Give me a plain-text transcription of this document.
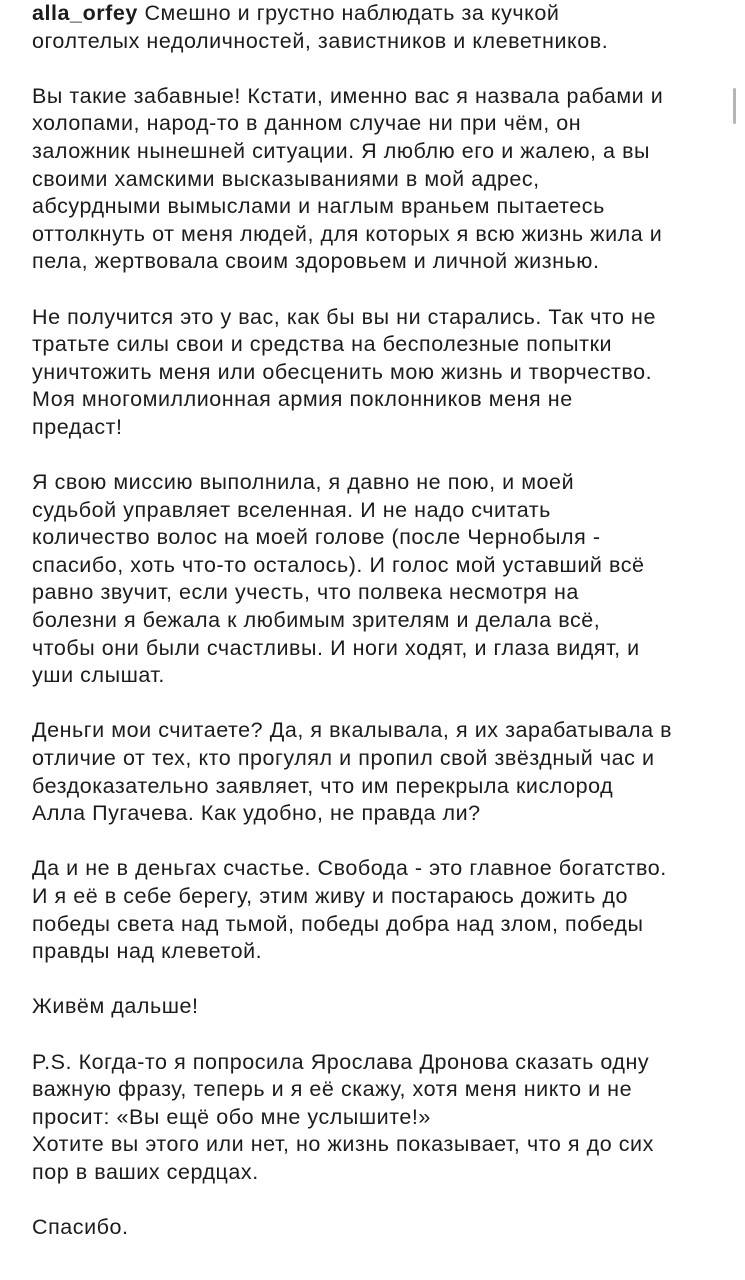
alla_orfey Смешно и грустно наблюдать за кучкой
оголтелых недоличностей, завистников и клеветников.

Вы такие забавные! Кстати, именно вас я назвала рабами и
холопами, народ-то в данном случае ни при чём, он
заложник нынешней ситуации. Я люблю его и жалею, а вы
своими хамскими высказываниями в мой адрес,
абсурдными вымыслами и наглым враньем пытаетесь
оттолкнуть от меня людей, для которых я всю жизнь жила и
пела, жертвовала своим здоровьем и личной жизнью.

Не получится это у вас, как бы вы ни старались. Так что не
тратьте силы свои и средства на бесполезные попытки
уничтожить меня или обесценить мою жизнь и творчество.
Моя многомиллионная армия поклонников меня не
предаст!

Я свою миссию выполнила, я давно не пою, и моей
судьбой управляет вселенная. И не надо считать
количество волос на моей голове (после Чернобыля -
спасибо, хоть что-то осталось). И голос мой уставший всё
равно звучит, если учесть, что полвека несмотря на
болезни я бежала к любимым зрителям и делала всё,
чтобы они были счастливы. И ноги ходят, и глаза видят, и
уши слышат.

Деньги мои считаете? Да, я вкалывала, я их зарабатывала в
отличие от тех, кто прогулял и пропил свой звёздный час и
бездоказательно заявляет, что им перекрыла кислород
Алла Пугачева. Как удобно, не правда ли?

Да и не в деньгах счастье. Свобода - это главное богатство.
И я её в себе берегу, этим живу и постараюсь дожить до
победы света над тьмой, победы добра над злом, победы
правды над клеветой.

Живём дальше!

P.S. Когда-то я попросила Ярослава Дронова сказать одну
важную фразу, теперь и я её скажу, хотя меня никто и не
просит: «Вы ещё обо мне услышите!»
Хотите вы этого или нет, но жизнь показывает, что я до сих
пор в ваших сердцах.

Спасибо.
